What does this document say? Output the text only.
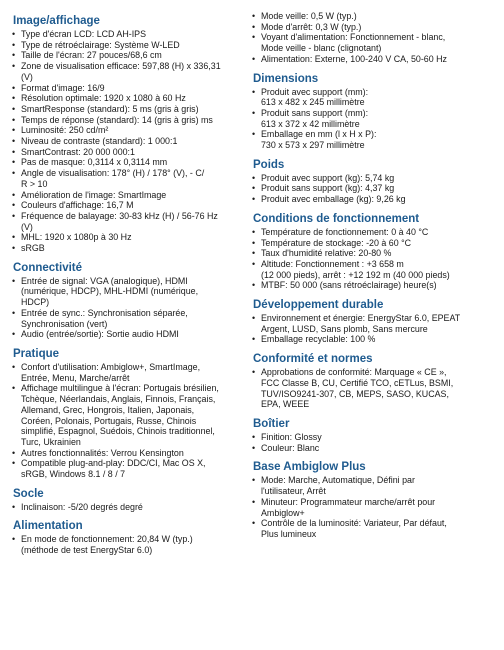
Image/affichage
• Type d'écran LCD: LCD AH-IPS
• Type de rétroéclairage: Système W-LED
• Taille de l'écran: 27 pouces/68,6 cm
• Zone de visualisation efficace: 597,88 (H) x 336,31
(V)
• Format d'image: 16/9
• Résolution optimale: 1920 x 1080 à 60 Hz
• SmartResponse (standard): 5 ms (gris à gris)
• Temps de réponse (standard): 14 (gris à gris) ms
• Luminosité: 250 cd/m²
• Niveau de contraste (standard): 1 000:1
• SmartContrast: 20 000 000:1
• Pas de masque: 0,3114 x 0,3114 mm
• Angle de visualisation: 178° (H) / 178° (V), - C/
R > 10
• Amélioration de l'image: SmartImage
• Couleurs d'affichage: 16,7 M
• Fréquence de balayage: 30-83 kHz (H) / 56-76 Hz
(V)
• MHL: 1920 x 1080p à 30 Hz
• sRGB
Connectivité
• Entrée de signal: VGA (analogique), HDMI
(numérique, HDCP), MHL-HDMI (numérique,
HDCP)
• Entrée de sync.: Synchronisation séparée,
Synchronisation (vert)
• Audio (entrée/sortie): Sortie audio HDMI
Pratique
• Confort d'utilisation: Ambiglow+, SmartImage,
Entrée, Menu, Marche/arrêt
• Affichage multilingue à l'écran: Portugais brésilien,
Tchèque, Néerlandais, Anglais, Finnois, Français,
Allemand, Grec, Hongrois, Italien, Japonais,
Coréen, Polonais, Portugais, Russe, Chinois
simplifié, Espagnol, Suédois, Chinois traditionnel,
Turc, Ukrainien
• Autres fonctionnalités: Verrou Kensington
• Compatible plug-and-play: DDC/CI, Mac OS X,
sRGB, Windows 8.1 / 8 / 7
Socle
• Inclinaison: -5/20 degrés degré
Alimentation
• En mode de fonctionnement: 20,84 W (typ.)
(méthode de test EnergyStar 6.0)
• Mode veille: 0,5 W (typ.)
• Mode d'arrêt: 0,3 W (typ.)
• Voyant d'alimentation: Fonctionnement - blanc,
Mode veille - blanc (clignotant)
• Alimentation: Externe, 100-240 V CA, 50-60 Hz
Dimensions
• Produit avec support (mm):
613 x 482 x 245 millimètre
• Produit sans support (mm):
613 x 372 x 42 millimètre
• Emballage en mm (l x H x P):
730 x 573 x 297 millimètre
Poids
• Produit avec support (kg): 5,74 kg
• Produit sans support (kg): 4,37 kg
• Produit avec emballage (kg): 9,26 kg
Conditions de fonctionnement
• Température de fonctionnement: 0 à 40 °C
• Température de stockage: -20 à 60 °C
• Taux d'humidité relative: 20-80 %
• Altitude: Fonctionnement : +3 658 m
(12 000 pieds), arrêt : +12 192 m (40 000 pieds)
• MTBF: 50 000 (sans rétroéclairage) heure(s)
Développement durable
• Environnement et énergie: EnergyStar 6.0, EPEAT
Argent, LUSD, Sans plomb, Sans mercure
• Emballage recyclable: 100 %
Conformité et normes
• Approbations de conformité: Marquage « CE »,
FCC Classe B, CU, Certifié TCO, cETLus, BSMI,
TUV/ISO9241-307, CB, MEPS, SASO, KUCAS,
EPA, WEEE
Boîtier
• Finition: Glossy
• Couleur: Blanc
Base Ambiglow Plus
• Mode: Marche, Automatique, Défini par
l'utilisateur, Arrêt
• Minuteur: Programmateur marche/arrêt pour
Ambiglow+
• Contrôle de la luminosité: Variateur, Par défaut,
Plus lumineux
